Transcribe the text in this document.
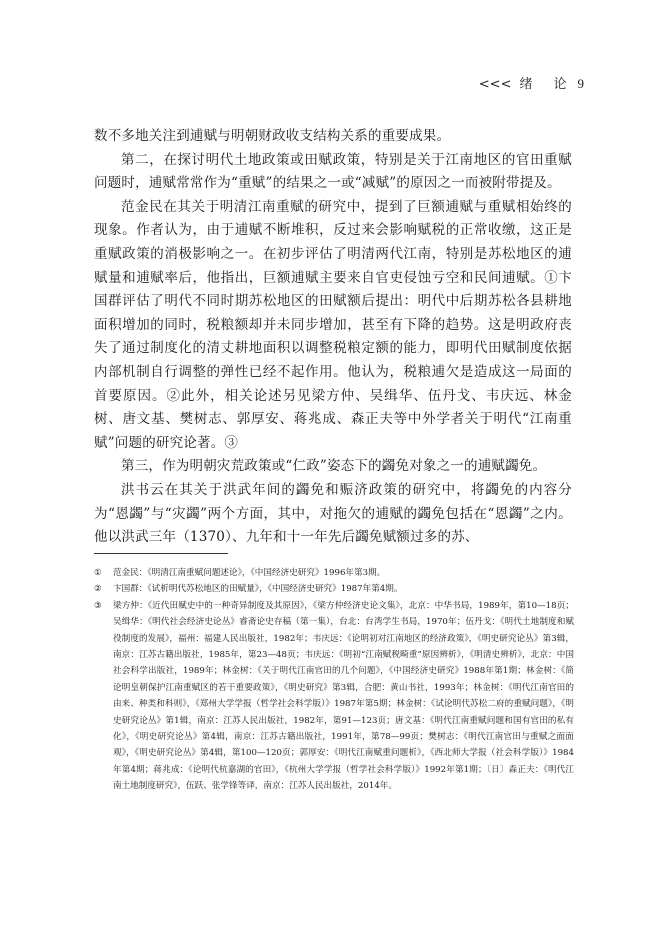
<<< 绪 论 9

数不多地关注到逋赋与明朝财政收支结构关系的重要成果。

第二，在探讨明代土地政策或田赋政策，特别是关于江南地区的官田重赋问题时，逋赋常常作为“重赋”的结果之一或“减赋”的原因之一而被附带提及。

范金民在其关于明清江南重赋的研究中，提到了巨额逋赋与重赋相始终的现象。作者认为，由于逋赋不断堆积，反过来会影响赋税的正常收缴，这正是重赋政策的消极影响之一。在初步评估了明清两代江南，特别是苏松地区的逋赋量和逋赋率后，他指出，巨额逋赋主要来自官吏侵蚀亏空和民间逋赋。①卞国群评估了明代不同时期苏松地区的田赋额后提出：明代中后期苏松各县耕地面积增加的同时，税粮额却并未同步增加，甚至有下降的趋势。这是明政府丧失了通过制度化的清丈耕地面积以调整税粮定额的能力，即明代田赋制度依据内部机制自行调整的弹性已经不起作用。他认为，税粮逋欠是造成这一局面的首要原因。②此外，相关论述另见梁方仲、吴缉华、伍丹戈、韦庆远、林金树、唐文基、樊树志、郭厚安、蒋兆成、森正夫等中外学者关于明代“江南重赋”问题的研究论著。③

第三，作为明朝灾荒政策或“仁政”姿态下的蠲免对象之一的逋赋蠲免。

洪书云在其关于洪武年间的蠲免和赈济政策的研究中，将蠲免的内容分为“恩蠲”与“灾蠲”两个方面，其中，对拖欠的逋赋的蠲免包括在“恩蠲”之内。他以洪武三年（1370）、九年和十一年先后蠲免赋额过多的苏、

①	范金民：《明清江南重赋问题述论》，《中国经济史研究》1996年第3期。
②	卞国群：《试析明代苏松地区的田赋量》，《中国经济史研究》1987年第4期。
③	梁方仲：《近代田赋史中的一种奇异制度及其原因》，《梁方仲经济史论文集》，北京：中华书局，1989年，第10—18页；吴缉华：《明代社会经济史论丛》睿斋论史存稿（第一集），台北：台湾学生书局，1970年；伍丹戈：《明代土地制度和赋役制度的发展》，福州：福建人民出版社，1982年；韦庆远：《论明初对江南地区的经济政策》，《明史研究论丛》第3辑，南京：江苏古籍出版社，1985年，第23—48页；韦庆远：《明初“江南赋税畸重”原因辨析》，《明清史辨析》，北京：中国社会科学出版社，1989年；林金树：《关于明代江南官田的几个问题》，《中国经济史研究》1988年第1期；林金树：《简论明皇朝保护江南重赋区的若干重要政策》，《明史研究》第3辑，合肥：黄山书社，1993年；林金树：《明代江南官田的由来、种类和科则》，《郑州大学学报（哲学社会科学版）》1987年第5期；林金树：《试论明代苏松二府的重赋问题》，《明史研究论丛》第1辑，南京：江苏人民出版社，1982年，第91—123页；唐文基：《明代江南重赋问题和国有官田的私有化》，《明史研究论丛》第4辑，南京：江苏古籍出版社，1991年，第78—99页；樊树志：《明代江南官田与重赋之面面观》，《明史研究论丛》第4辑，第100—120页；郭厚安：《明代江南赋重问题析》，《西北师大学报（社会科学版）》1984年第4期；蒋兆成：《论明代杭嘉湖的官田》，《杭州大学学报（哲学社会科学版）》1992年第1期；〔日〕森正夫：《明代江南土地制度研究》，伍跃、张学锋等译，南京：江苏人民出版社，2014年。
